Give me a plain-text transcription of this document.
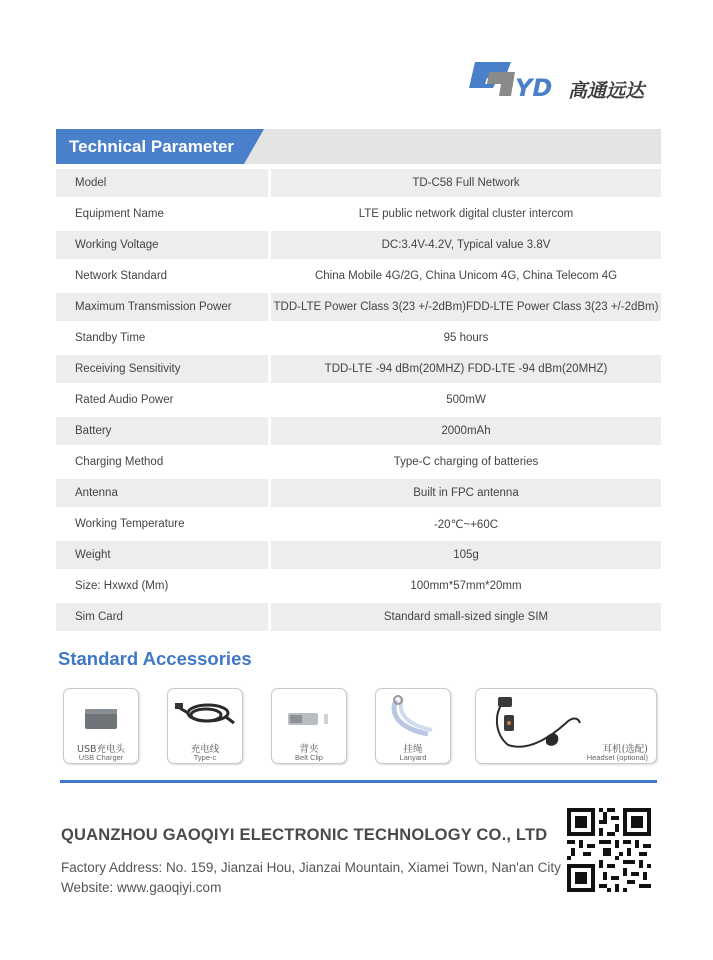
YD 高通远达
Technical Parameter
Model		TD-C58 Full Network
Equipment Name		LTE public network digital cluster intercom
Working Voltage		DC:3.4V-4.2V, Typical value 3.8V
Network Standard		China Mobile 4G/2G, China Unicom 4G, China Telecom 4G
Maximum Transmission Power		TDD-LTE Power Class 3(23 +/-2dBm)FDD-LTE Power Class 3(23 +/-2dBm)
Standby Time		95 hours
Receiving Sensitivity		TDD-LTE -94 dBm(20MHZ) FDD-LTE -94 dBm(20MHZ)
Rated Audio Power		500mW
Battery		2000mAh
Charging Method		Type-C charging of batteries
Antenna		Built in FPC antenna
Working Temperature		-20℃~+60C
Weight		105g
Size: Hxwxd (Mm)		100mm*57mm*20mm
Sim Card		Standard small-sized single SIM
Standard Accessories
USB充电头
USB Charger
充电线
Type-c
背夹
Belt Clip
挂绳
Lanyard
耳机(选配)
Headset (optional)
QUANZHOU GAOQIYI ELECTRONIC TECHNOLOGY CO., LTD
Factory Address: No. 159, Jianzai Hou, Jianzai Mountain, Xiamei Town, Nan'an City
Website: www.gaoqiyi.com
